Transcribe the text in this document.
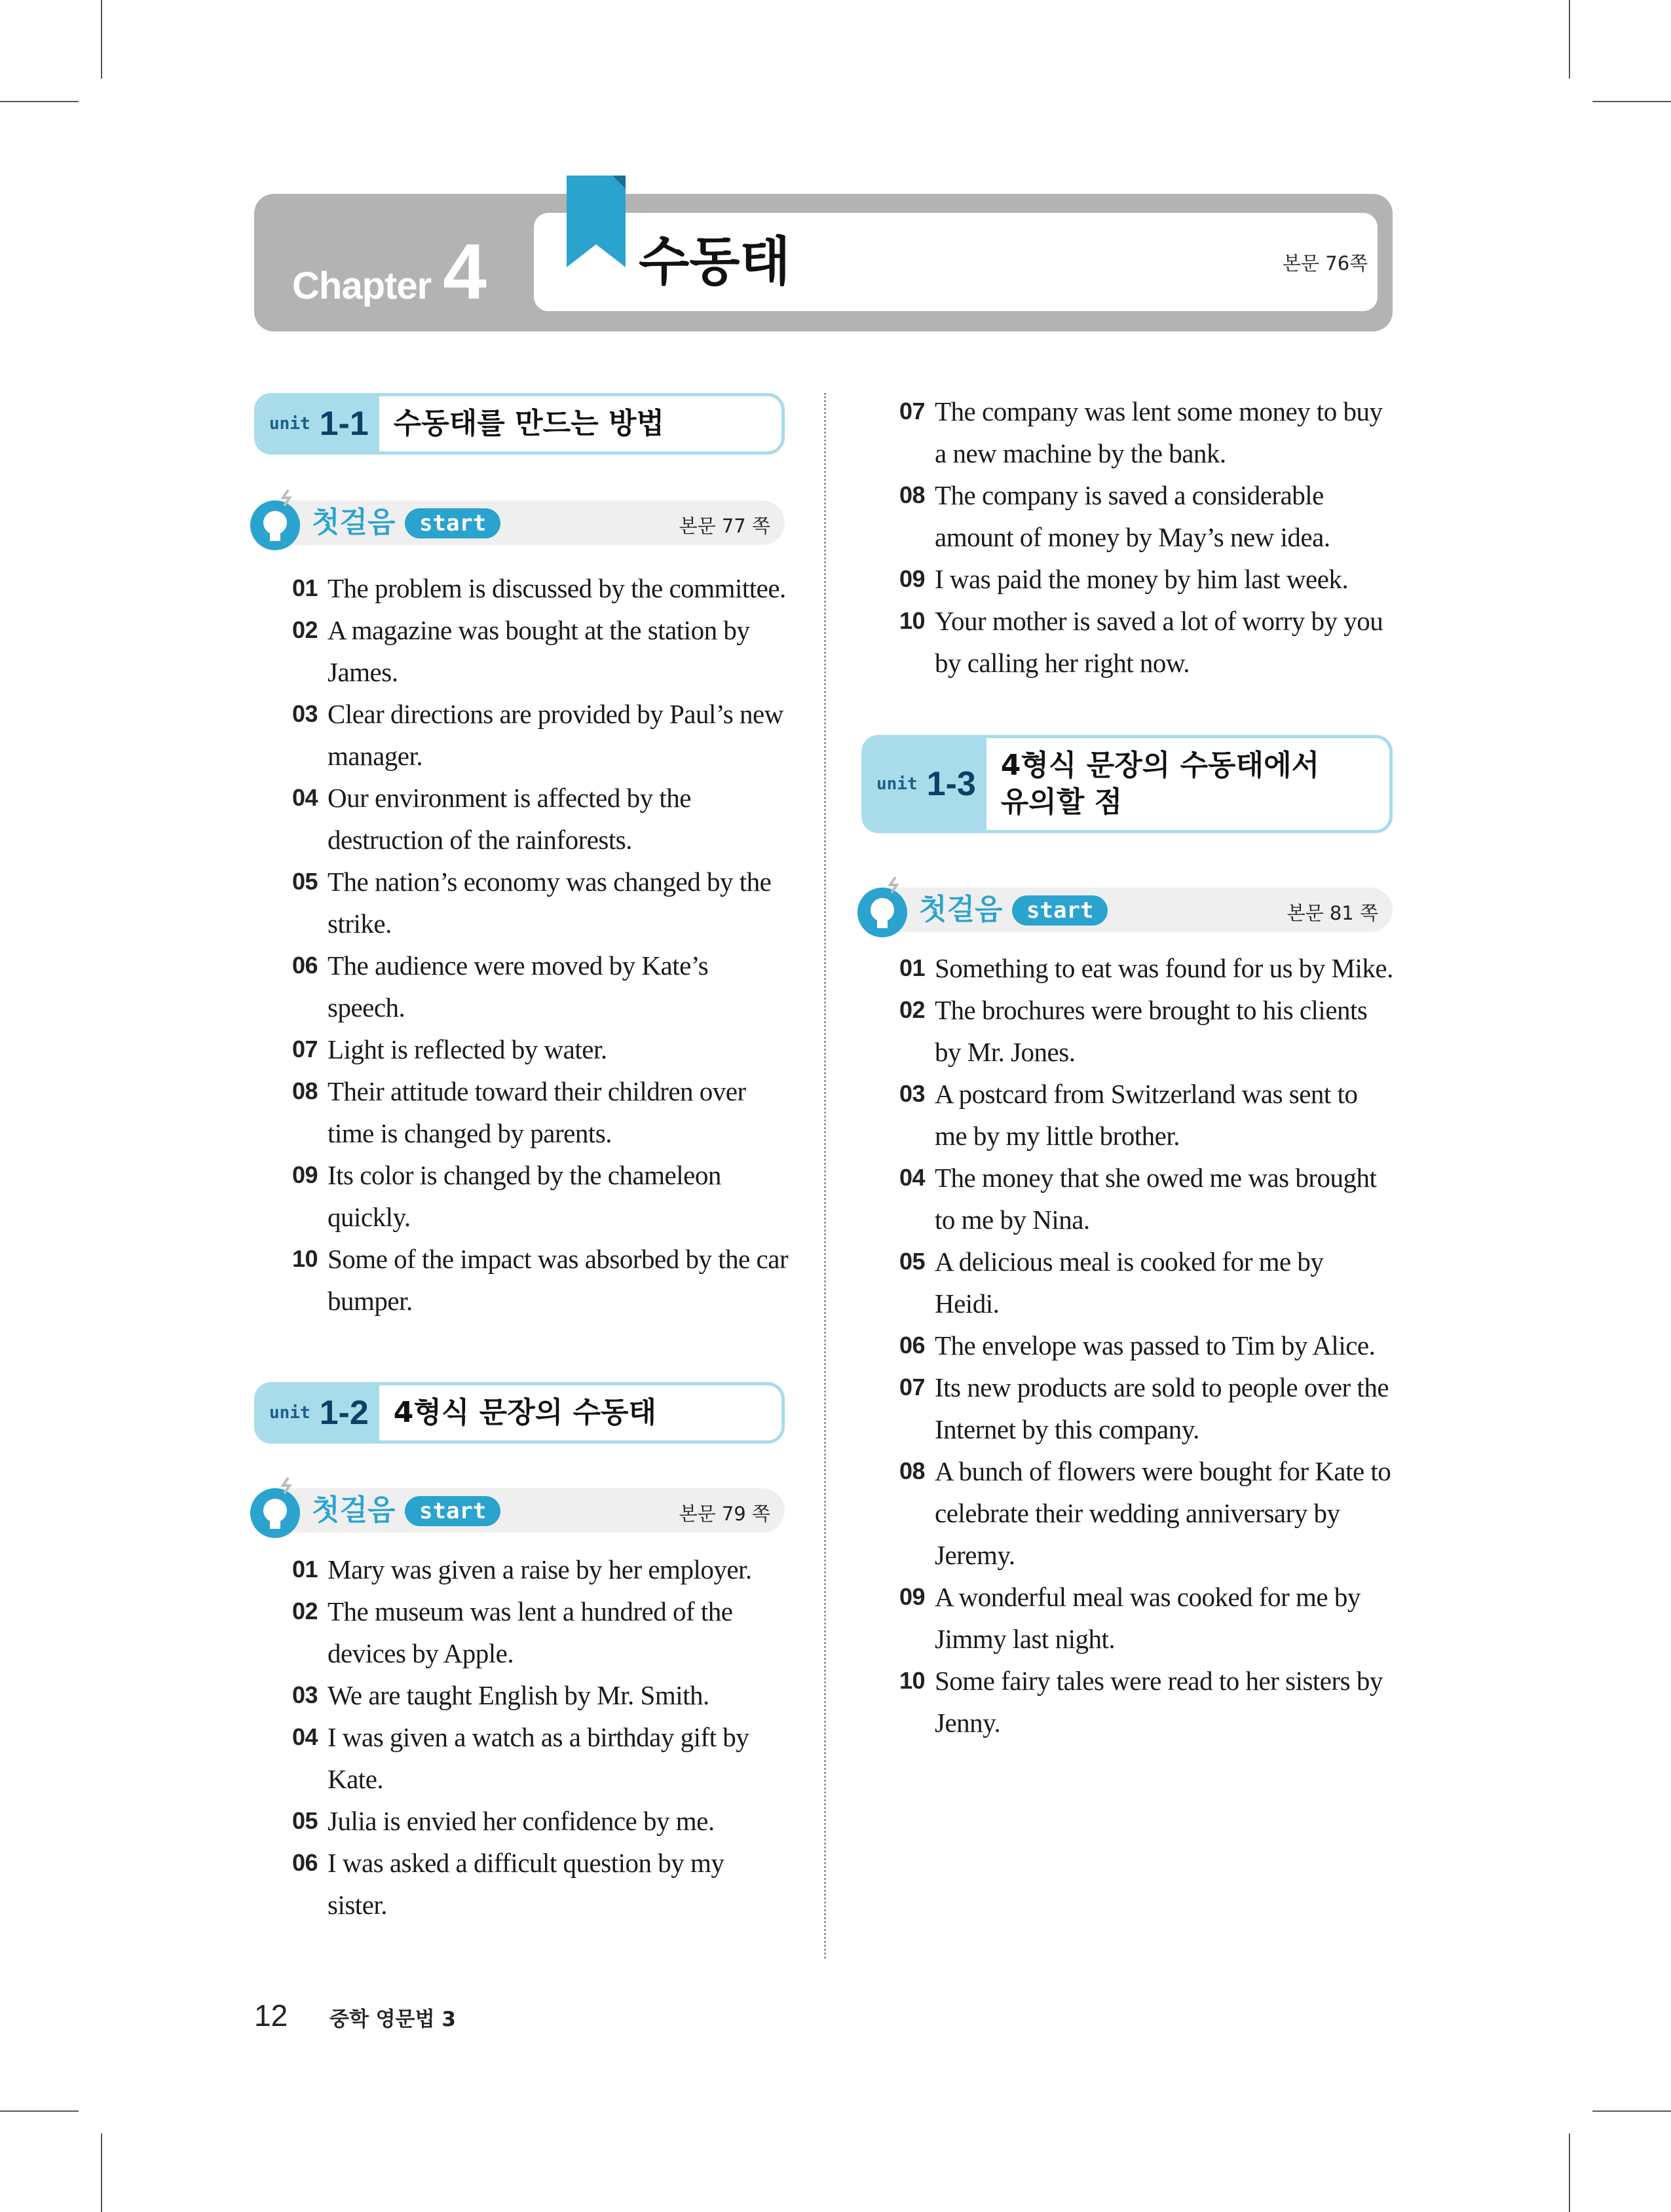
Chapter 4	수동태	본문 76쪽
unit 1-1 수동태를 만드는 방법
첫걸음	start	본문 77 쪽
01 The problem is discussed by the committee.
02 A magazine was bought at the station by James.
03 Clear directions are provided by Paul’s new manager.
04 Our environment is affected by the destruction of the rainforests.
05 The nation’s economy was changed by the strike.
06 The audience were moved by Kate’s speech.
07 Light is reflected by water.
08 Their attitude toward their children over time is changed by parents.
09 Its color is changed by the chameleon quickly.
10 Some of the impact was absorbed by the car bumper.
unit 1-2 4형식 문장의 수동태
첫걸음	start	본문 79 쪽
01 Mary was given a raise by her employer.
02 The museum was lent a hundred of the devices by Apple.
03 We are taught English by Mr. Smith.
04 I was given a watch as a birthday gift by Kate.
05 Julia is envied her confidence by me.
06 I was asked a difficult question by my sister.
07 The company was lent some money to buy a new machine by the bank.
08 The company is saved a considerable amount of money by May’s new idea.
09 I was paid the money by him last week.
10 Your mother is saved a lot of worry by you by calling her right now.
unit 1-3 4형식 문장의 수동태에서
유의할 점
첫걸음	start	본문 81 쪽
01 Something to eat was found for us by Mike.
02 The brochures were brought to his clients by Mr. Jones.
03 A postcard from Switzerland was sent to me by my little brother.
04 The money that she owed me was brought to me by Nina.
05 A delicious meal is cooked for me by Heidi.
06 The envelope was passed to Tim by Alice.
07 Its new products are sold to people over the Internet by this company.
08 A bunch of flowers were bought for Kate to celebrate their wedding anniversary by Jeremy.
09 A wonderful meal was cooked for me by Jimmy last night.
10 Some fairy tales were read to her sisters by Jenny.
12 중학 영문법 3
